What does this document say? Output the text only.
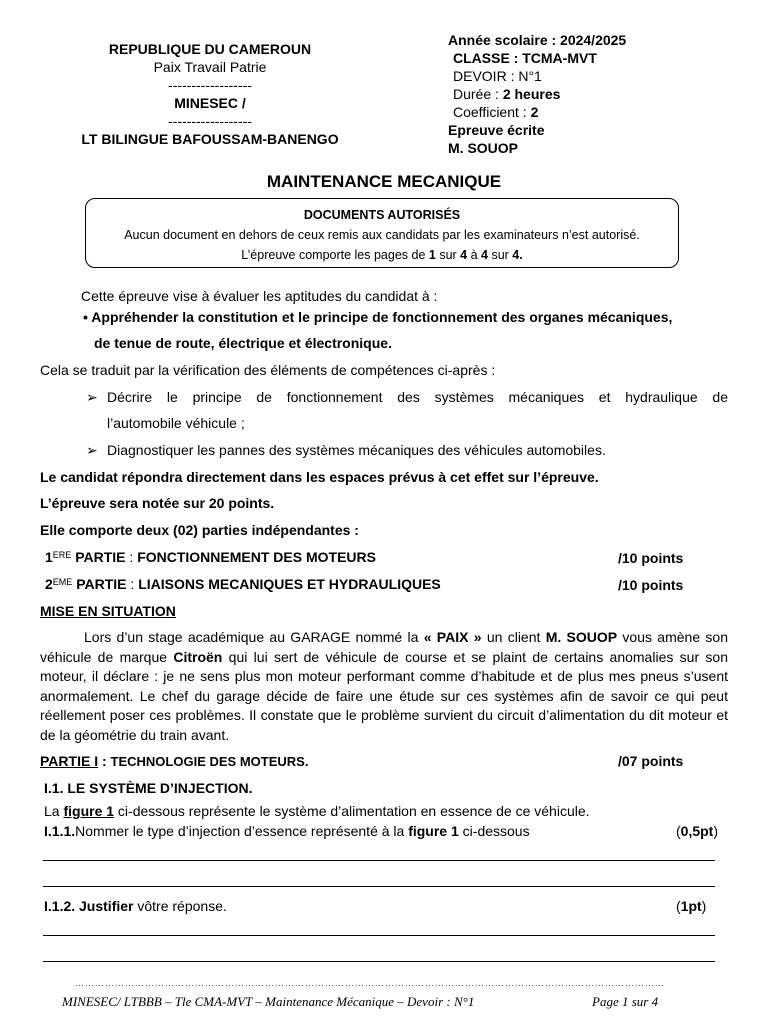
REPUBLIQUE DU CAMEROUN
Paix Travail Patrie
------------------
MINESEC /
------------------
LT BILINGUE BAFOUSSAM-BANENGO
Année scolaire : 2024/2025
CLASSE : TCMA-MVT
DEVOIR : N°1
Durée : 2 heures
Coefficient : 2
Epreuve écrite
M. SOUOP
MAINTENANCE MECANIQUE
DOCUMENTS AUTORISÉS
Aucun document en dehors de ceux remis aux candidats par les examinateurs n’est autorisé.
L’épreuve comporte les pages de 1 sur 4 à 4 sur 4.
Cette épreuve vise à évaluer les aptitudes du candidat à :
• Appréhender la constitution et le principe de fonctionnement des organes mécaniques,
de tenue de route, électrique et électronique.
Cela se traduit par la vérification des éléments de compétences ci-après :
➢ Décrire le principe de fonctionnement des systèmes mécaniques et hydraulique de
l’automobile véhicule ;
➢ Diagnostiquer les pannes des systèmes mécaniques des véhicules automobiles.
Le candidat répondra directement dans les espaces prévus à cet effet sur l’épreuve.
L’épreuve sera notée sur 20 points.
Elle comporte deux (02) parties indépendantes :
1ERE PARTIE : FONCTIONNEMENT DES MOTEURS	/10 points
2EME PARTIE : LIAISONS MECANIQUES ET HYDRAULIQUES	/10 points
MISE EN SITUATION
Lors d’un stage académique au GARAGE nommé la « PAIX » un client M. SOUOP vous amène son véhicule de marque Citroën qui lui sert de véhicule de course et se plaint de certains anomalies sur son moteur, il déclare : je ne sens plus mon moteur performant comme d’habitude et de plus mes pneus s’usent anormalement. Le chef du garage décide de faire une étude sur ces systèmes afin de savoir ce qui peut réellement poser ces problèmes. Il constate que le problème survient du circuit d’alimentation du dit moteur et de la géométrie du train avant.
PARTIE I : TECHNOLOGIE DES MOTEURS.	/07 points
I.1. LE SYSTÈME D’INJECTION.
La figure 1 ci-dessous représente le système d’alimentation en essence de ce véhicule.
I.1.1.Nommer le type d’injection d’essence représenté à la figure 1 ci-dessous	(0,5pt)
I.1.2. Justifier vôtre réponse.	(1pt)
……………………………………………………………………………………………………………………………………………………………
MINESEC/ LTBBB – Tle CMA-MVT – Maintenance Mécanique – Devoir : N°1	Page 1 sur 4
